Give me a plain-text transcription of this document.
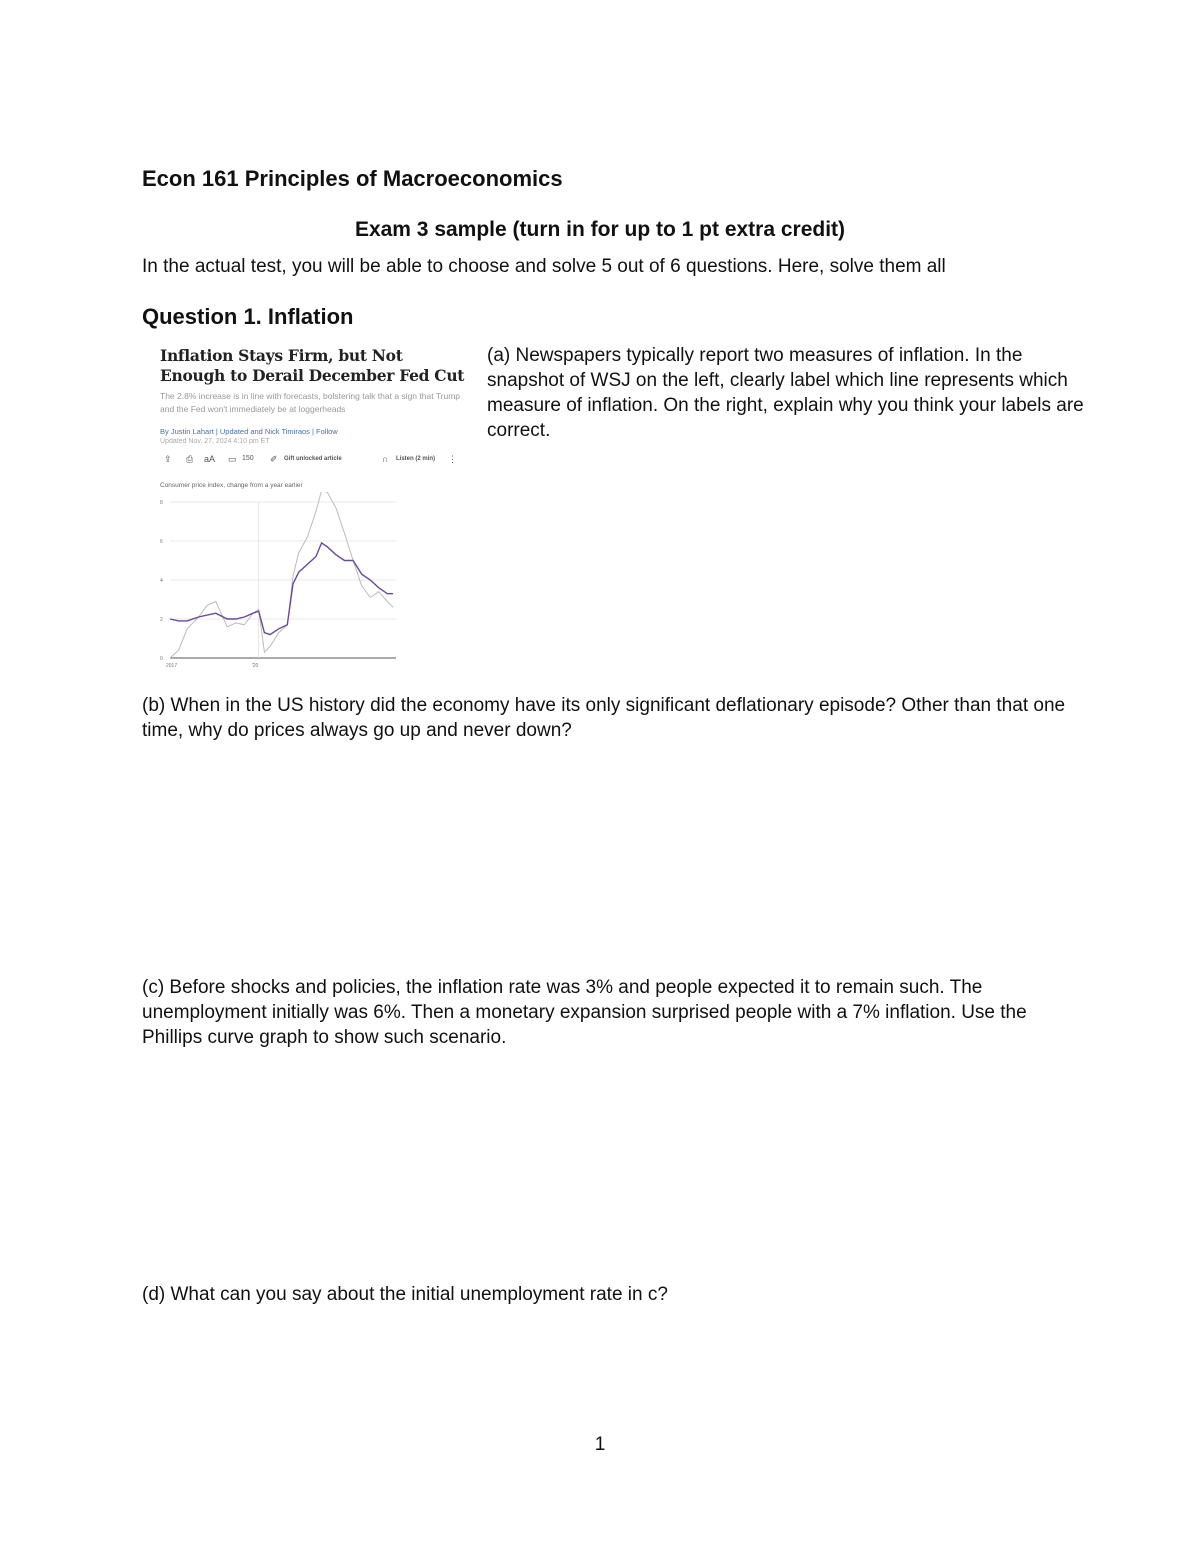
Econ 161 Principles of Macroeconomics
Exam 3 sample (turn in for up to 1 pt extra credit)
In the actual test, you will be able to choose and solve 5 out of 6 questions. Here, solve them all
Question 1. Inflation
Inflation Stays Firm, but Not Enough to Derail December Fed Cut
The 2.8% increase is in line with forecasts, bolstering talk that a sign that Trump and the Fed won't immediately be at loggerheads
By Justin Lahart | Updated and Nick Timiraos | Follow
Updated Nov. 27, 2024 4:10 pm ET
⇪ ⎙ aA ▭ 150 ✐ Gift unlocked article	∩ Listen (2 min) ⋮
Consumer price index, change from a year earlier
0
2
4
6
8
2017	'20
(a) Newspapers typically report two measures of inflation. In the snapshot of WSJ on the left, clearly label which line represents which measure of inflation. On the right, explain why you think your labels are correct.
(b) When in the US history did the economy have its only significant deflationary episode? Other than that one time, why do prices always go up and never down?
(c) Before shocks and policies, the inflation rate was 3% and people expected it to remain such. The unemployment initially was 6%. Then a monetary expansion surprised people with a 7% inflation. Use the Phillips curve graph to show such scenario.
(d) What can you say about the initial unemployment rate in c?
1
